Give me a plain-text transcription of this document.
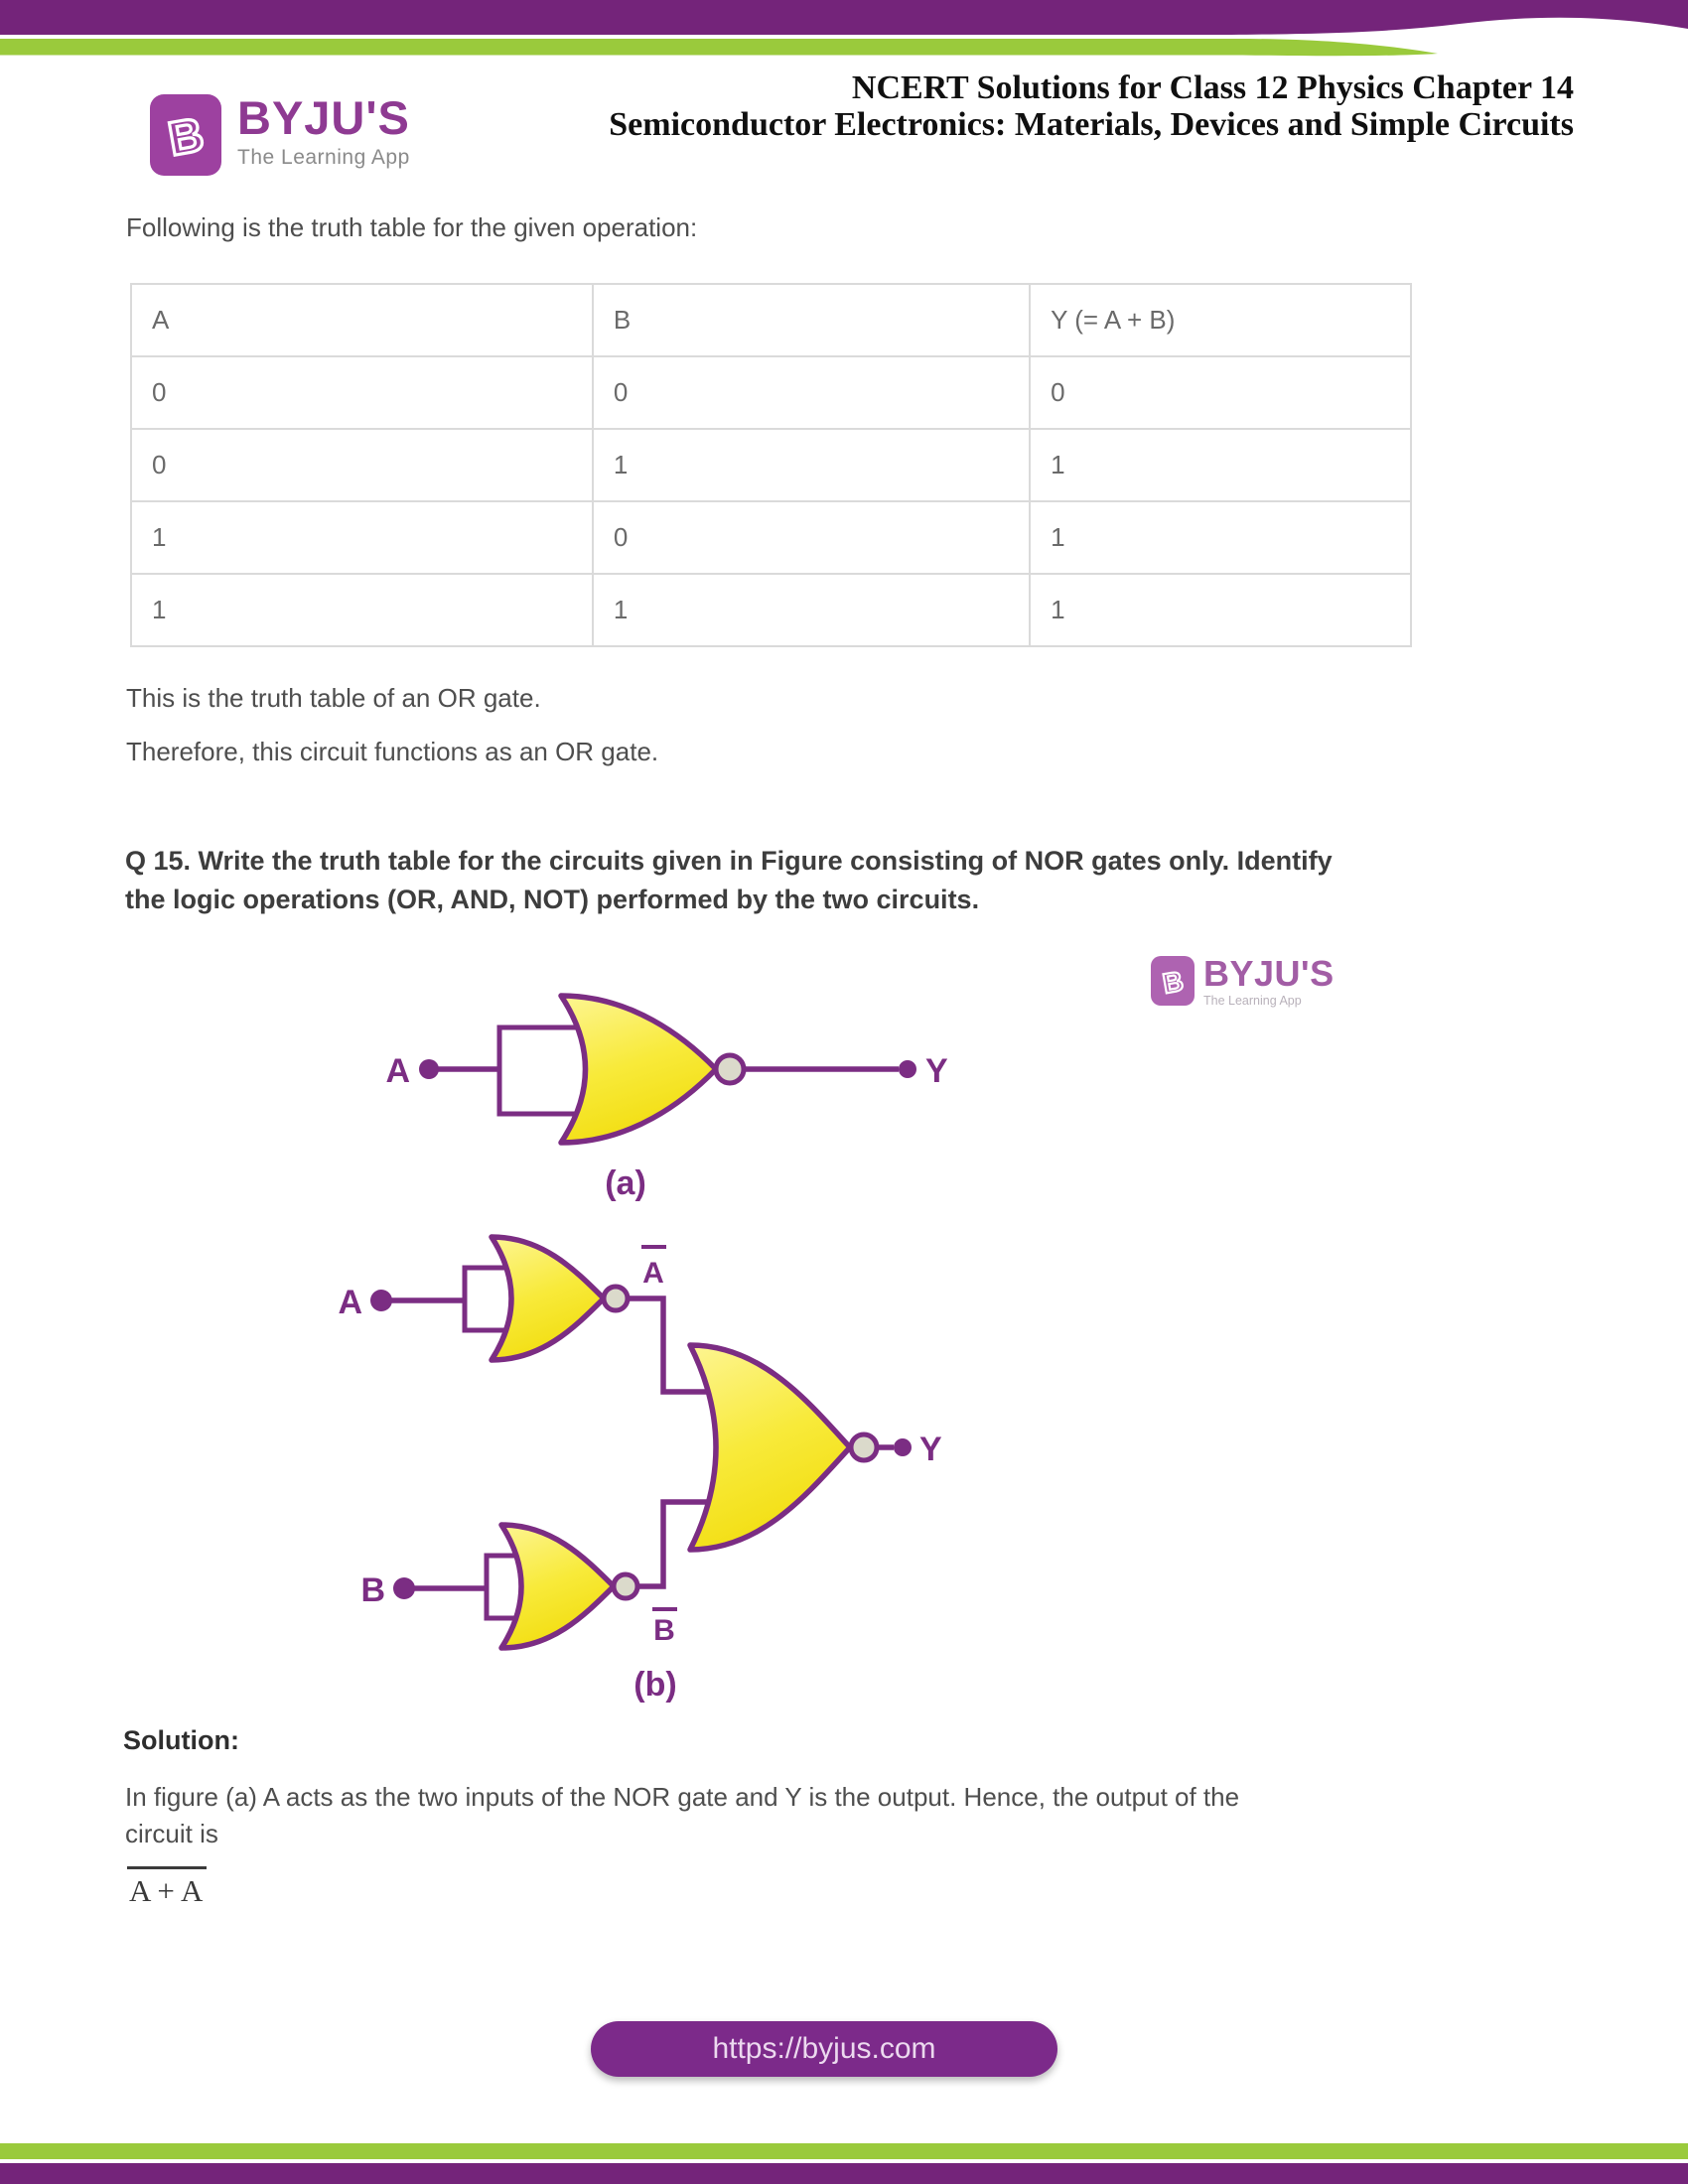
B BYJU'S
The Learning App
NCERT Solutions for Class 12 Physics Chapter 14
Semiconductor Electronics: Materials, Devices and Simple Circuits
Following is the truth table for the given operation:
A	B	Y (= A + B)
0	0	0
0	1	1
1	0	1
1	1	1
This is the truth table of an OR gate.
Therefore, this circuit functions as an OR gate.
Q 15. Write the truth table for the circuits given in Figure consisting of NOR gates only. Identify
the logic operations (OR, AND, NOT) performed by the two circuits.
A	Y
(a)
A
A
Y
B
B
(b)
B BYJU'S
The Learning App
Solution:
In figure (a) A acts as the two inputs of the NOR gate and Y is the output. Hence, the output of the
circuit is
A + A
https://byjus.com
